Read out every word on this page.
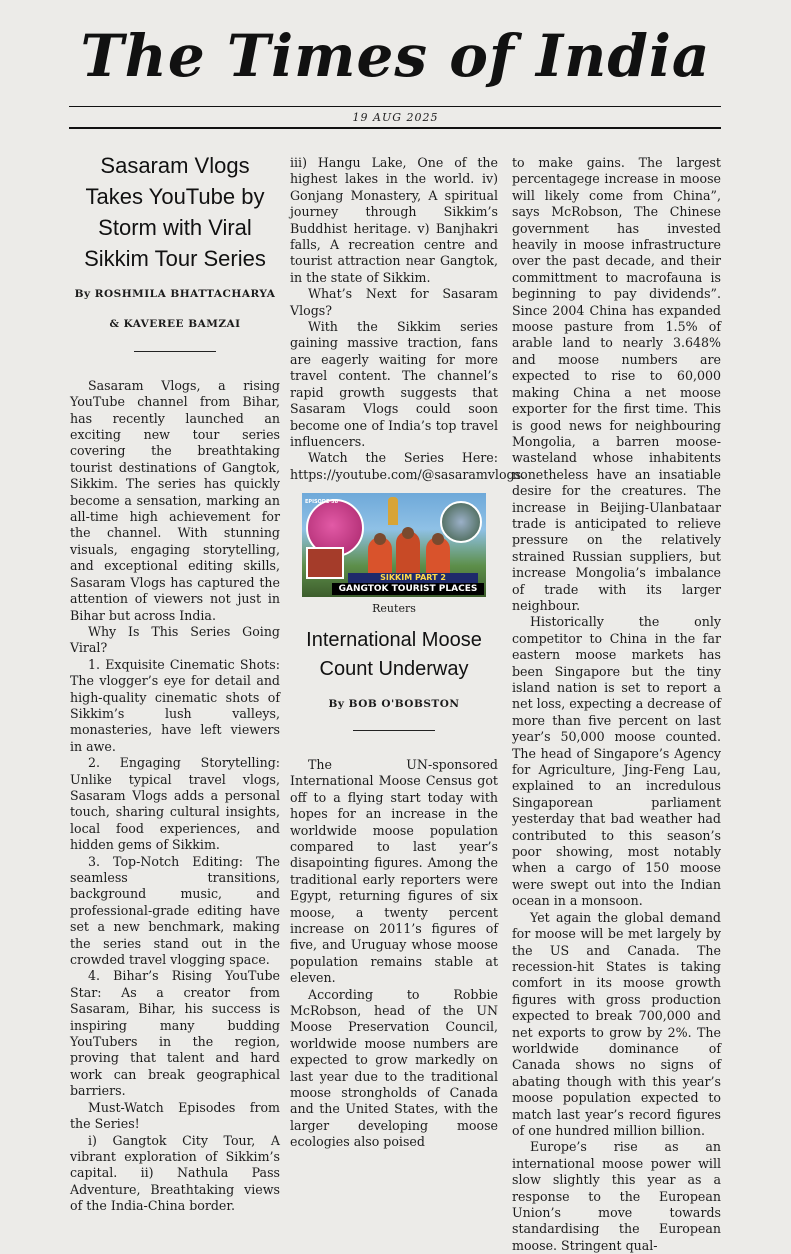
The Times of India
19 AUG 2025
Sasaram Vlogs Takes YouTube by Storm with Viral Sikkim Tour Series

By ROSHMILA BHATTACHARYA

& KAVEREE BAMZAI

Sasaram Vlogs, a rising YouTube channel from Bihar, has recently launched an exciting new tour series covering the breathtaking tourist destinations of Gangtok, Sikkim. The series has quickly become a sensation, marking an all-time high achievement for the channel. With stunning visuals, engaging storytelling, and exceptional editing skills, Sasaram Vlogs has captured the attention of viewers not just in Bihar but across India.

Why Is This Series Going Viral?

1. Exquisite Cinematic Shots: The vlogger’s eye for detail and high-quality cinematic shots of Sikkim’s lush valleys, monasteries, have left viewers in awe.

2. Engaging Storytelling: Unlike typical travel vlogs, Sasaram Vlogs adds a personal touch, sharing cultural insights, local food experiences, and hidden gems of Sikkim.

3. Top-Notch Editing: The seamless transitions, background music, and professional-grade editing have set a new benchmark, making the series stand out in the crowded travel vlogging space.

4. Bihar’s Rising YouTube Star: As a creator from Sasaram, Bihar, his success is inspiring many budding YouTubers in the region, proving that talent and hard work can break geographical barriers.

Must-Watch Episodes from the Series!

i) Gangtok City Tour, A vibrant exploration of Sikkim’s capital. ii) Nathula Pass Adventure, Breathtaking views of the India-China border.

iii) Hangu Lake, One of the highest lakes in the world. iv) Gonjang Monastery, A spiritual journey through Sikkim’s Buddhist heritage. v) Banjhakri falls, A recreation centre and tourist attraction near Gangtok, in the state of Sikkim.

What’s Next for Sasaram Vlogs?

With the Sikkim series gaining massive traction, fans are eagerly waiting for more travel content. The channel’s rapid growth suggests that Sasaram Vlogs could soon become one of India’s top travel influencers.

Watch the Series Here: https://youtube.com/@sasaramvlogs.

EPISODE 58
SIKKIM PART 2
GANGTOK TOURIST PLACES

Reuters

International Moose Count Underway

By BOB O'BOBSTON

The UN-sponsored International Moose Census got off to a flying start today with hopes for an increase in the worldwide moose population compared to last year’s disapointing figures. Among the traditional early reporters were Egypt, returning figures of six moose, a twenty percent increase on 2011’s figures of five, and Uruguay whose moose population remains stable at eleven.

According to Robbie McRobson, head of the UN Moose Preservation Council, worldwide moose numbers are expected to grow markedly on last year due to the traditional moose strongholds of Canada and the United States, with the larger developing moose ecologies also poised

to make gains. The largest percentagege increase in moose will likely come from China”, says McRobson, The Chinese government has invested heavily in moose infrastructure over the past decade, and their committment to macrofauna is beginning to pay dividends”. Since 2004 China has expanded moose pasture from 1.5% of arable land to nearly 3.648% and moose numbers are expected to rise to 60,000 making China a net moose exporter for the first time. This is good news for neighbouring Mongolia, a barren moose-wasteland whose inhabitents nonetheless have an insatiable desire for the creatures. The increase in Beijing-Ulanbataar trade is anticipated to relieve pressure on the relatively strained Russian suppliers, but increase Mongolia’s imbalance of trade with its larger neighbour.

Historically the only competitor to China in the far eastern moose markets has been Singapore but the tiny island nation is set to report a net loss, expecting a decrease of more than five percent on last year’s 50,000 moose counted. The head of Singapore’s Agency for Agriculture, Jing-Feng Lau, explained to an incredulous Singaporean parliament yesterday that bad weather had contributed to this season’s poor showing, most notably when a cargo of 150 moose were swept out into the Indian ocean in a monsoon.

Yet again the global demand for moose will be met largely by the US and Canada. The recession-hit States is taking comfort in its moose growth figures with gross production expected to break 700,000 and net exports to grow by 2%. The worldwide dominance of Canada shows no signs of abating though with this year’s moose population expected to match last year’s record figures of one hundred million billion.

Europe’s rise as an international moose power will slow slightly this year as a response to the European Union’s move towards standardising the European moose. Stringent qual-
